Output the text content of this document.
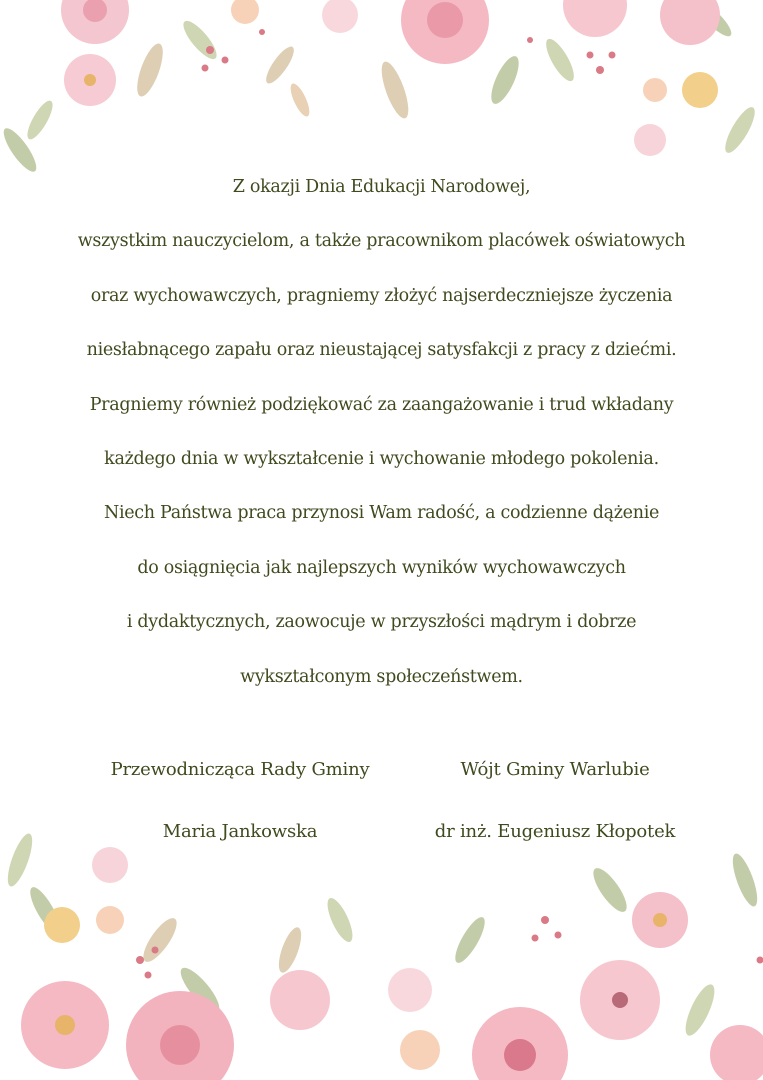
Z okazji Dnia Edukacji Narodowej,
wszystkim nauczycielom, a także pracownikom placówek oświatowych
oraz wychowawczych, pragniemy złożyć najserdeczniejsze życzenia
niesłabnącego zapału oraz nieustającej satysfakcji z pracy z dziećmi.
Pragniemy również podziękować za zaangażowanie i trud wkładany
każdego dnia w wykształcenie i wychowanie młodego pokolenia.
Niech Państwa praca przynosi Wam radość, a codzienne dążenie
do osiągnięcia jak najlepszych wyników wychowawczych
i dydaktycznych, zaowocuje w przyszłości mądrym i dobrze
wykształconym społeczeństwem.
Przewodnicząca Rady Gminy
Maria Jankowska
Wójt Gminy Warlubie
dr inż. Eugeniusz Kłopotek
